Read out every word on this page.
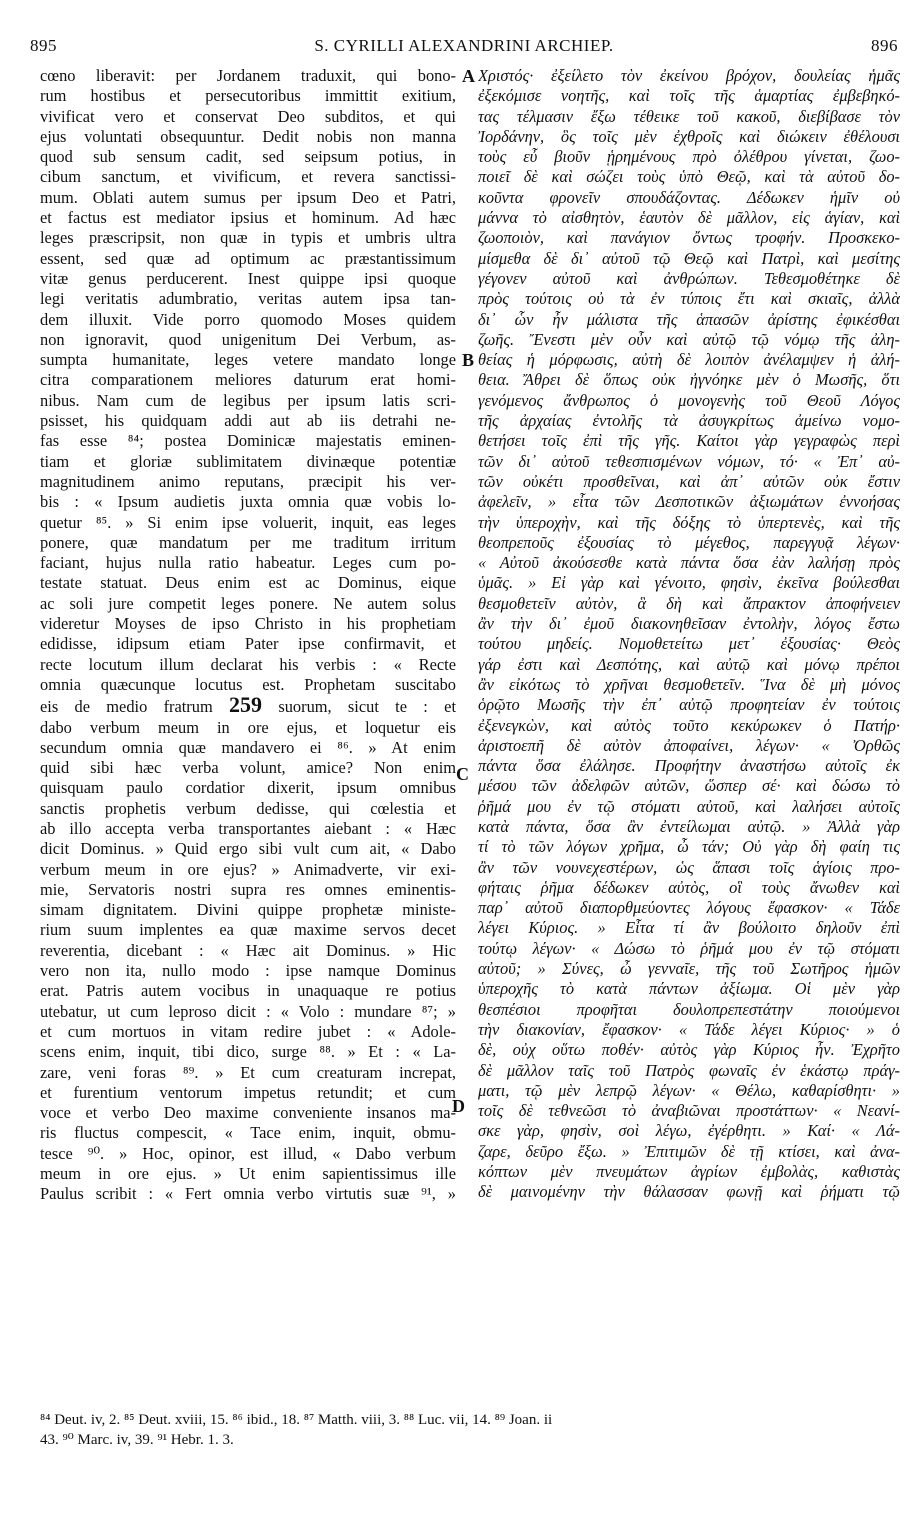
895	S. CYRILLI ALEXANDRINI ARCHIEP.	896

cœno liberavit: per Jordanem traduxit, qui bono-
rum hostibus et persecutoribus immittit exitium,
vivificat vero et conservat Deo subditos, et qui
ejus voluntati obsequuntur. Dedit nobis non manna
quod sub sensum cadit, sed seipsum potius, in
cibum sanctum, et vivificum, et revera sanctissi-
mum. Oblati autem sumus per ipsum Deo et Patri,
et factus est mediator ipsius et hominum. Ad hæc
leges præscripsit, non quæ in typis et umbris ultra
essent, sed quæ ad optimum ac præstantissimum
vitæ genus perducerent. Inest quippe ipsi quoque
legi veritatis adumbratio, veritas autem ipsa tan-
dem illuxit. Vide porro quomodo Moses quidem
non ignoravit, quod unigenitum Dei Verbum, as-
sumpta humanitate, leges vetere mandato longe
citra comparationem meliores daturum erat homi-
nibus. Nam cum de legibus per ipsum latis scri-
psisset, his quidquam addi aut ab iis detrahi ne-
fas esse ⁸⁴; postea Dominicæ majestatis eminen-
tiam et gloriæ sublimitatem divinæque potentiæ
magnitudinem animo reputans, præcipit his ver-
bis : « Ipsum audietis juxta omnia quæ vobis lo-
quetur ⁸⁵. » Si enim ipse voluerit, inquit, eas leges
ponere, quæ mandatum per me traditum irritum
faciant, hujus nulla ratio habeatur. Leges cum po-
testate statuat. Deus enim est ac Dominus, eique
ac soli jure competit leges ponere. Ne autem solus
videretur Moyses de ipso Christo in his prophetiam
edidisse, idipsum etiam Pater ipse confirmavit, et
recte locutum illum declarat his verbis : « Recte
omnia quæcunque locutus est. Prophetam suscitabo
eis de medio fratrum 259 suorum, sicut te : et
dabo verbum meum in ore ejus, et loquetur eis
secundum omnia quæ mandavero ei ⁸⁶. » At enim
quid sibi hæc verba volunt, amice? Non enim
quisquam paulo cordatior dixerit, ipsum omnibus
sanctis prophetis verbum dedisse, qui cœlestia et
ab illo accepta verba transportantes aiebant : « Hæc
dicit Dominus. » Quid ergo sibi vult cum ait, « Dabo
verbum meum in ore ejus? » Animadverte, vir exi-
mie, Servatoris nostri supra res omnes eminentis-
simam dignitatem. Divini quippe prophetæ ministe-
rium suum implentes ea quæ maxime servos decet
reverentia, dicebant : « Hæc ait Dominus. » Hic
vero non ita, nullo modo : ipse namque Dominus
erat. Patris autem vocibus in unaquaque re potius
utebatur, ut cum leproso dicit : « Volo : mundare ⁸⁷; »
et cum mortuos in vitam redire jubet : « Adole-
scens enim, inquit, tibi dico, surge ⁸⁸. » Et : « La-
zare, veni foras ⁸⁹. » Et cum creaturam increpat,
et furentium ventorum impetus retundit; et cum
voce et verbo Deo maxime conveniente insanos ma-
ris fluctus compescit, « Tace enim, inquit, obmu-
tesce ⁹⁰. » Hoc, opinor, est illud, « Dabo verbum
meum in ore ejus. » Ut enim sapientissimus ille
Paulus scribit : « Fert omnia verbo virtutis suæ ⁹¹, »

Χριστός· ἐξείλετο τὸν ἐκείνου βρόχον, δουλείας ἡμᾶς
ἐξεκόμισε νοητῆς, καὶ τοῖς τῆς ἁμαρτίας ἐμβεβηκό-
τας τέλμασιν ἔξω τέθεικε τοῦ κακοῦ, διεβίβασε τὸν
Ἰορδάνην, ὃς τοῖς μὲν ἐχθροῖς καὶ διώκειν ἐθέλουσι
τοὺς εὖ βιοῦν ᾑρημένους πρὸ ὀλέθρου γίνεται, ζωο-
ποιεῖ δὲ καὶ σώζει τοὺς ὑπὸ Θεῷ, καὶ τὰ αὐτοῦ δο-
κοῦντα φρονεῖν σπουδάζοντας. Δέδωκεν ἡμῖν οὐ
μάννα τὸ αἰσθητὸν, ἑαυτὸν δὲ μᾶλλον, εἰς ἁγίαν, καὶ
ζωοποιὸν, καὶ πανάγιον ὄντως τροφήν. Προσκεκο-
μίσμεθα δὲ δι᾽ αὐτοῦ τῷ Θεῷ καὶ Πατρὶ, καὶ μεσίτης
γέγονεν αὐτοῦ καὶ ἀνθρώπων. Τεθεσμοθέτηκε δὲ
πρὸς τούτοις οὐ τὰ ἐν τύποις ἔτι καὶ σκιαῖς, ἀλλὰ
δι᾽ ὧν ἦν μάλιστα τῆς ἁπασῶν ἀρίστης ἐφικέσθαι
ζωῆς. Ἔνεστι μὲν οὖν καὶ αὐτῷ τῷ νόμῳ τῆς ἀλη-
θείας ἡ μόρφωσις, αὐτὴ δὲ λοιπὸν ἀνέλαμψεν ἡ ἀλή-
θεια. Ἄθρει δὲ ὅπως οὐκ ἠγνόηκε μὲν ὁ Μωσῆς, ὅτι
γενόμενος ἄνθρωπος ὁ μονογενὴς τοῦ Θεοῦ Λόγος
τῆς ἀρχαίας ἐντολῆς τὰ ἀσυγκρίτως ἀμείνω νομο-
θετήσει τοῖς ἐπὶ τῆς γῆς. Καίτοι γὰρ γεγραφὼς περὶ
τῶν δι᾽ αὐτοῦ τεθεσπισμένων νόμων, τό· « Ἐπ᾽ αὐ-
τῶν οὐκέτι προσθεῖναι, καὶ ἀπ᾽ αὐτῶν οὐκ ἔστιν
ἀφελεῖν, » εἶτα τῶν Δεσποτικῶν ἀξιωμάτων ἐννοήσας
τὴν ὑπεροχὴν, καὶ τῆς δόξης τὸ ὑπερτενὲς, καὶ τῆς
θεοπρεποῦς ἐξουσίας τὸ μέγεθος, παρεγγυᾷ λέγων·
« Αὐτοῦ ἀκούσεσθε κατὰ πάντα ὅσα ἐὰν λαλήσῃ πρὸς
ὑμᾶς. » Εἰ γὰρ καὶ γένοιτο, φησὶν, ἐκεῖνα βούλεσθαι
θεσμοθετεῖν αὐτὸν, ἃ δὴ καὶ ἄπρακτον ἀποφήνειεν
ἂν τὴν δι᾽ ἐμοῦ διακονηθεῖσαν ἐντολὴν, λόγος ἔστω
τούτου μηδείς. Νομοθετείτω μετ᾽ ἐξουσίας· Θεὸς
γάρ ἐστι καὶ Δεσπότης, καὶ αὐτῷ καὶ μόνῳ πρέποι
ἂν εἰκότως τὸ χρῆναι θεσμοθετεῖν. Ἵνα δὲ μὴ μόνος
ὁρῷτο Μωσῆς τὴν ἐπ᾽ αὐτῷ προφητείαν ἐν τούτοις
ἐξενεγκὼν, καὶ αὐτὸς τοῦτο κεκύρωκεν ὁ Πατήρ·
ἀριστοεπῆ δὲ αὐτὸν ἀποφαίνει, λέγων· « Ὀρθῶς
πάντα ὅσα ἐλάλησε. Προφήτην ἀναστήσω αὐτοῖς ἐκ
μέσου τῶν ἀδελφῶν αὐτῶν, ὥσπερ σέ· καὶ δώσω τὸ
ῥῆμά μου ἐν τῷ στόματι αὐτοῦ, καὶ λαλήσει αὐτοῖς
κατὰ πάντα, ὅσα ἂν ἐντείλωμαι αὐτῷ. » Ἀλλὰ γὰρ
τί τὸ τῶν λόγων χρῆμα, ὦ τάν; Οὐ γὰρ δὴ φαίη τις
ἂν τῶν νουνεχεστέρων, ὡς ἅπασι τοῖς ἁγίοις προ-
φήταις ῥῆμα δέδωκεν αὐτὸς, οἳ τοὺς ἄνωθεν καὶ
παρ᾽ αὐτοῦ διαπορθμεύοντες λόγους ἔφασκον· « Τάδε
λέγει Κύριος. » Εἶτα τί ἂν βούλοιτο δηλοῦν ἐπὶ
τούτῳ λέγων· « Δώσω τὸ ῥῆμά μου ἐν τῷ στόματι
αὐτοῦ; » Σύνες, ὦ γενναῖε, τῆς τοῦ Σωτῆρος ἡμῶν
ὑπεροχῆς τὸ κατὰ πάντων ἀξίωμα. Οἱ μὲν γὰρ
θεσπέσιοι προφῆται δουλοπρεπεστάτην ποιούμενοι
τὴν διακονίαν, ἔφασκον· « Τάδε λέγει Κύριος· » ὁ
δὲ, οὐχ οὕτω ποθέν· αὐτὸς γὰρ Κύριος ἦν. Ἐχρῆτο
δὲ μᾶλλον ταῖς τοῦ Πατρὸς φωναῖς ἐν ἑκάστῳ πράγ-
ματι, τῷ μὲν λεπρῷ λέγων· « Θέλω, καθαρίσθητι· »
τοῖς δὲ τεθνεῶσι τὸ ἀναβιῶναι προστάττων· « Νεανί-
σκε γὰρ, φησὶν, σοὶ λέγω, ἐγέρθητι. » Καί· « Λά-
ζαρε, δεῦρο ἔξω. » Ἐπιτιμῶν δὲ τῇ κτίσει, καὶ ἀνα-
κόπτων μὲν πνευμάτων ἀγρίων ἐμβολὰς, καθιστὰς
δὲ μαινομένην τὴν θάλασσαν φωνῇ καὶ ῥήματι τῷ

A
B
C
D
⁸⁴ Deut. iv, 2. ⁸⁵ Deut. xviii, 15. ⁸⁶ ibid., 18. ⁸⁷ Matth. viii, 3. ⁸⁸ Luc. vii, 14. ⁸⁹ Joan. ii
43. ⁹⁰ Marc. iv, 39. ⁹¹ Hebr. 1. 3.
